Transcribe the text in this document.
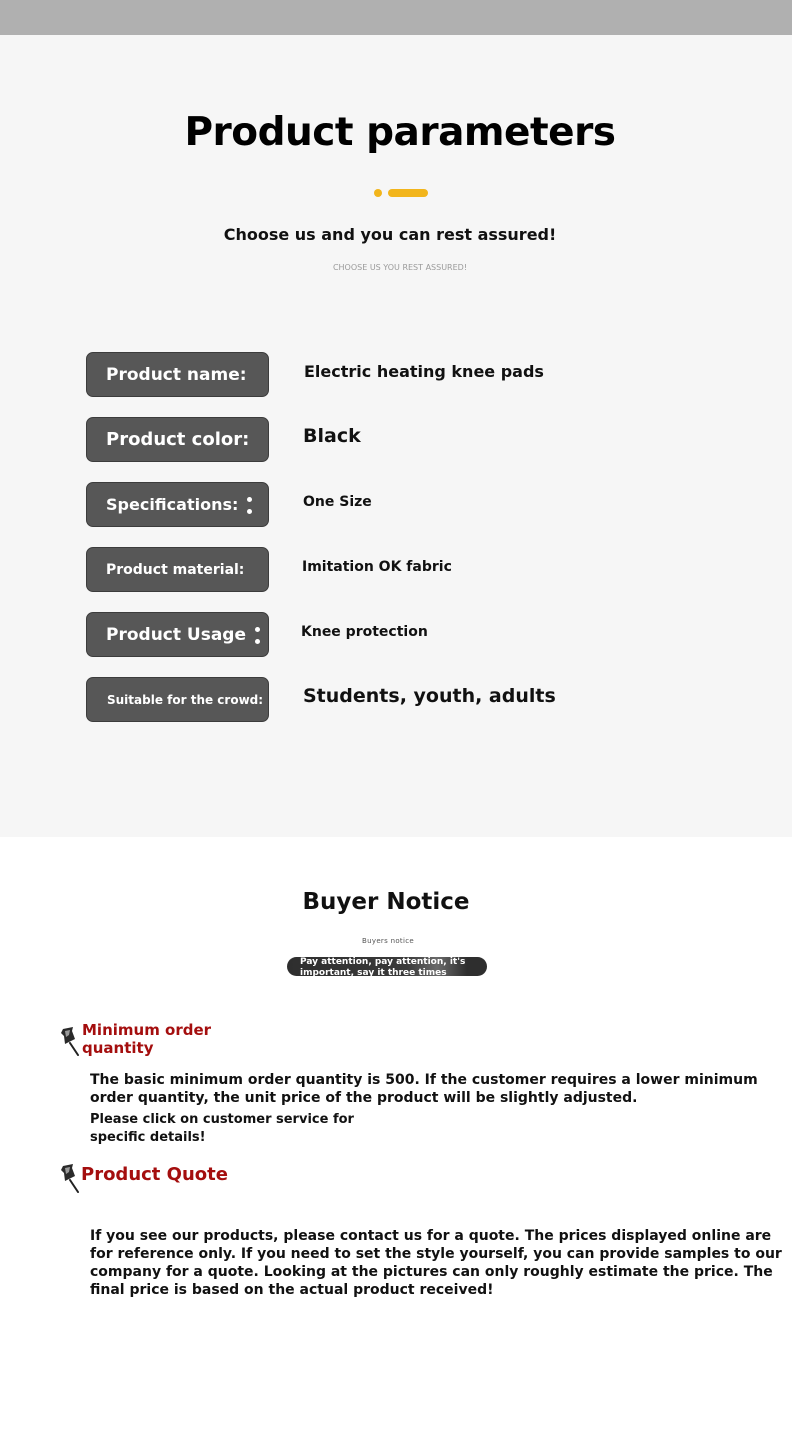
Product parameters
Choose us and you can rest assured!
CHOOSE US YOU REST ASSURED!
Product name:	Electric heating knee pads
Product color:	Black
Specifications:	One Size
Product material:	Imitation OK fabric
Product Usage	Knee protection
Suitable for the crowd: Students, youth, adults
Buyer Notice
Buyers notice
Pay attention, pay attention, it's
important, say it three times
Minimum order
quantity
The basic minimum order quantity is 500. If the customer requires a lower minimum
order quantity, the unit price of the product will be slightly adjusted.
Please click on customer service for
specific details!
Product Quote
If you see our products, please contact us for a quote. The prices displayed online are
for reference only. If you need to set the style yourself, you can provide samples to our
company for a quote. Looking at the pictures can only roughly estimate the price. The
final price is based on the actual product received!
